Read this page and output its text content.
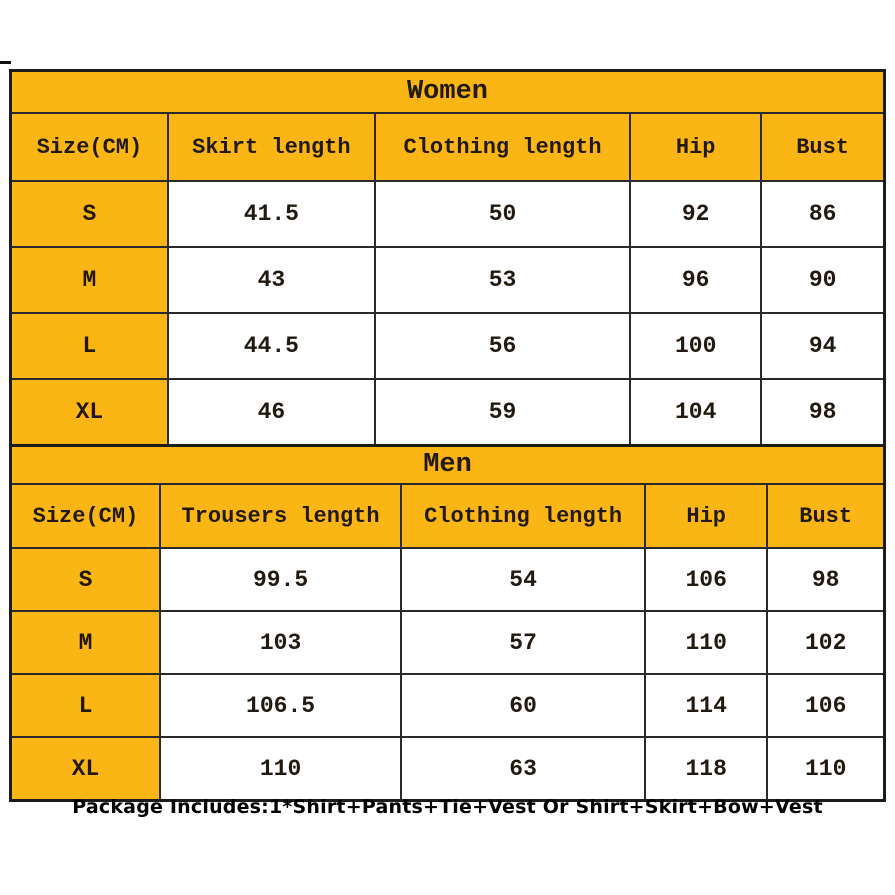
Women				
Size(CM)	Skirt length	Clothing length	Hip	Bust
S	41.5	50	92	86
M	43	53	96	90
L	44.5	56	100	94
XL	46	59	104	98
Men				
Size(CM)	Trousers length	Clothing length	Hip	Bust
S	99.5	54	106	98
M	103	57	110	102
L	106.5	60	114	106
XL	110	63	118	110
Package Includes:1*Shirt+Pants+Tie+Vest Or Shirt+Skirt+Bow+Vest
